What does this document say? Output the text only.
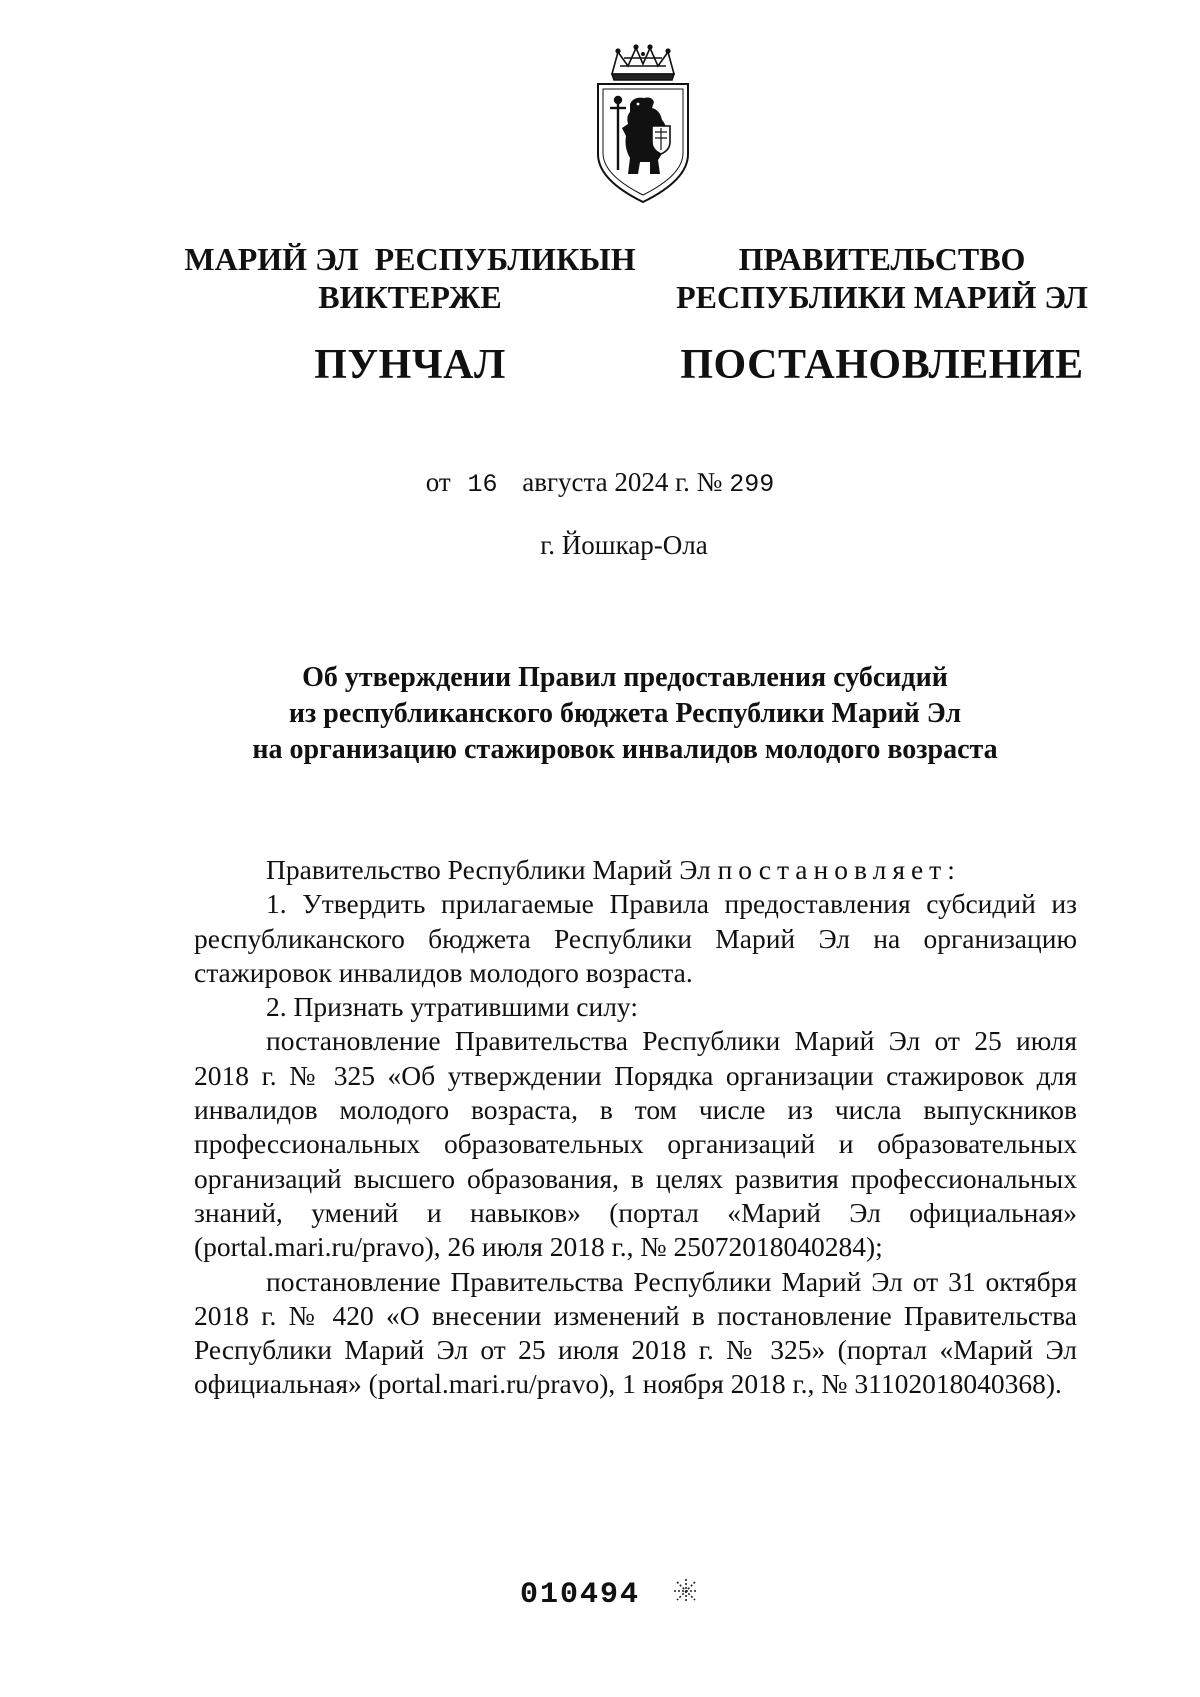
МАРИЙ ЭЛ  РЕСПУБЛИКЫН
ВИКТЕРЖЕ
ПУНЧАЛ
ПРАВИТЕЛЬСТВО
РЕСПУБЛИКИ МАРИЙ ЭЛ
ПОСТАНОВЛЕНИЕ
от 16 августа 2024 г. № 299
г. Йошкар-Ола
Об утверждении Правил предоставления субсидий
из республиканского бюджета Республики Марий Эл
на организацию стажировок инвалидов молодого возраста

Правительство Республики Марий Эл постановляет:

1. Утвердить прилагаемые Правила предоставления субсидий из республиканского бюджета Республики Марий Эл на организацию стажировок инвалидов молодого возраста.

2. Признать утратившими силу:

постановление Правительства Республики Марий Эл от 25 июля 2018 г. № 325 «Об утверждении Порядка организации стажировок для инвалидов молодого возраста, в том числе из числа выпускников профессиональных образовательных организаций и образовательных организаций высшего образования, в целях развития профессиональных знаний, умений и навыков» (портал «Марий Эл официальная» (portal.mari.ru/pravo), 26 июля 2018 г., № 25072018040284);

постановление Правительства Республики Марий Эл от 31 октября 2018 г. № 420 «О внесении изменений в постановление Правительства Республики Марий Эл от 25 июля 2018 г. № 325» (портал «Марий Эл официальная» (portal.mari.ru/pravo), 1 ноября 2018 г., № 31102018040368).

010494
